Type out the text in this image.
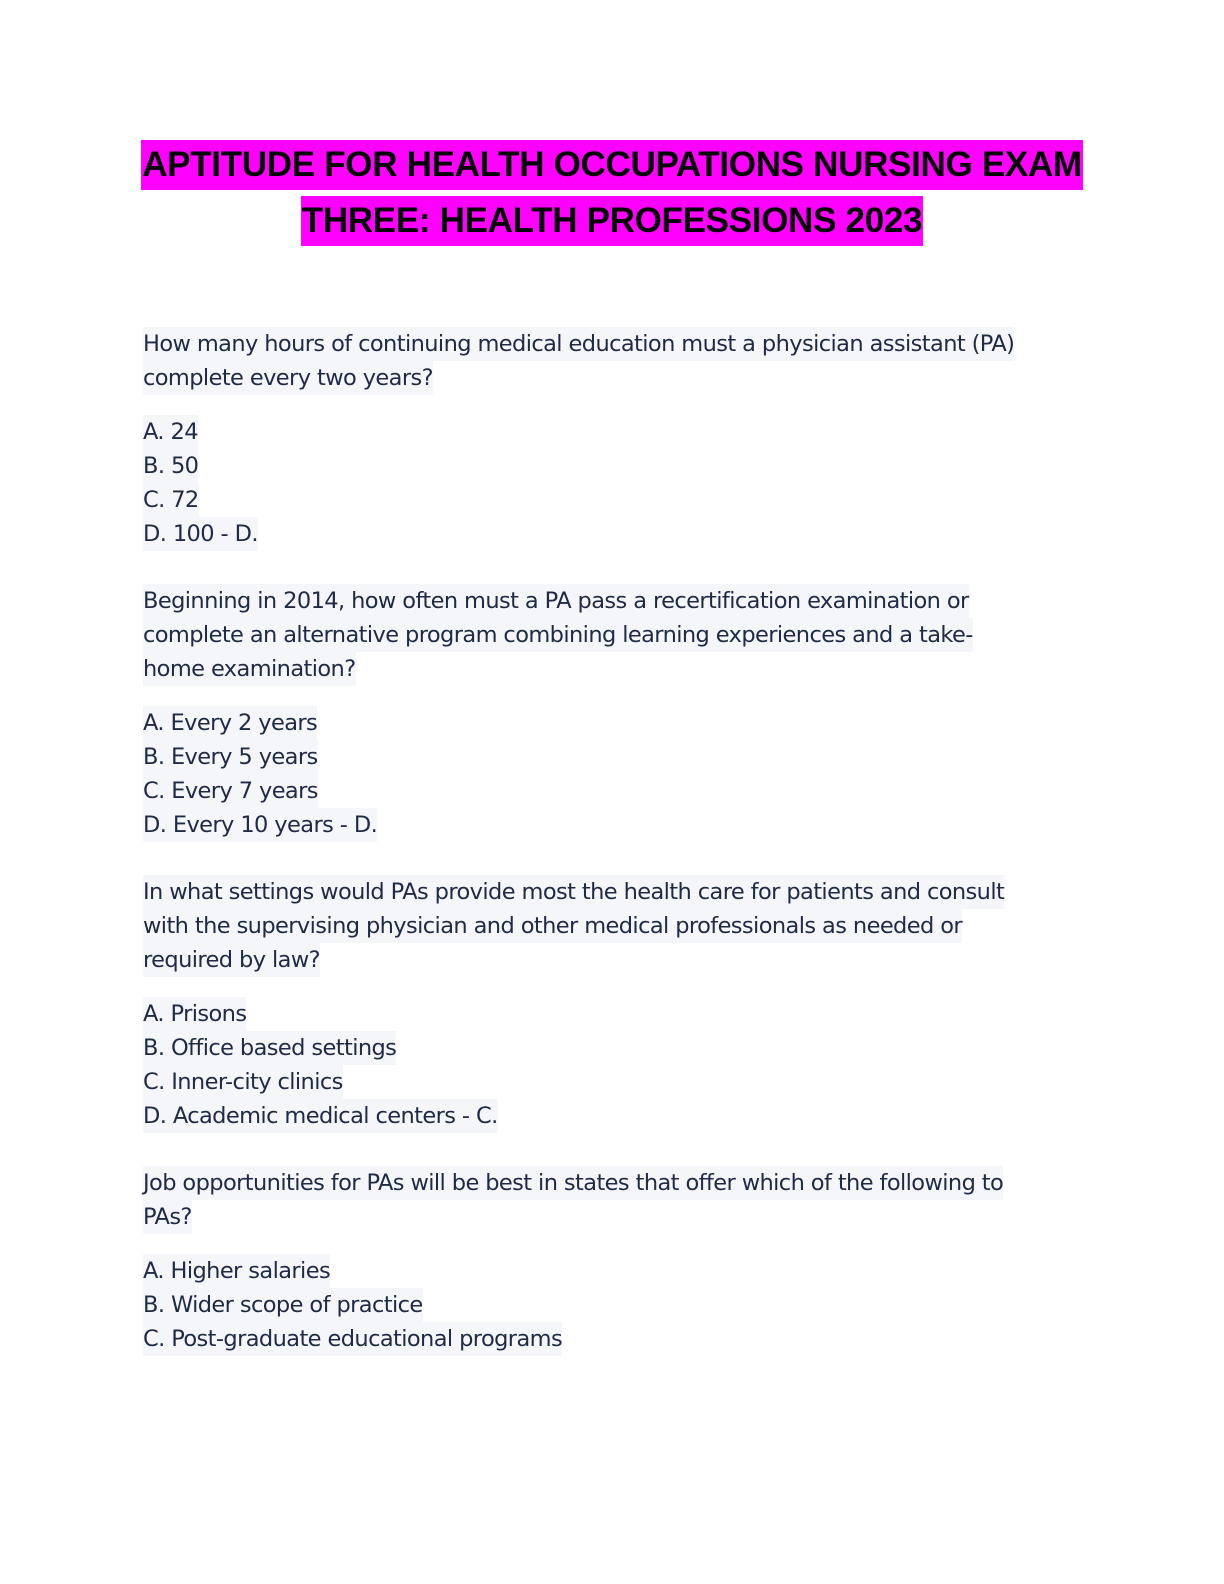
APTITUDE FOR HEALTH OCCUPATIONS NURSING EXAM
THREE: HEALTH PROFESSIONS 2023
How many hours of continuing medical education must a physician assistant (PA)
complete every two years?
A. 24
B. 50
C. 72
D. 100 - D.
Beginning in 2014, how often must a PA pass a recertification examination or
complete an alternative program combining learning experiences and a take-
home examination?
A. Every 2 years
B. Every 5 years
C. Every 7 years
D. Every 10 years - D.
In what settings would PAs provide most the health care for patients and consult
with the supervising physician and other medical professionals as needed or
required by law?
A. Prisons
B. Office based settings
C. Inner-city clinics
D. Academic medical centers - C.
Job opportunities for PAs will be best in states that offer which of the following to
PAs?
A. Higher salaries
B. Wider scope of practice
C. Post-graduate educational programs
